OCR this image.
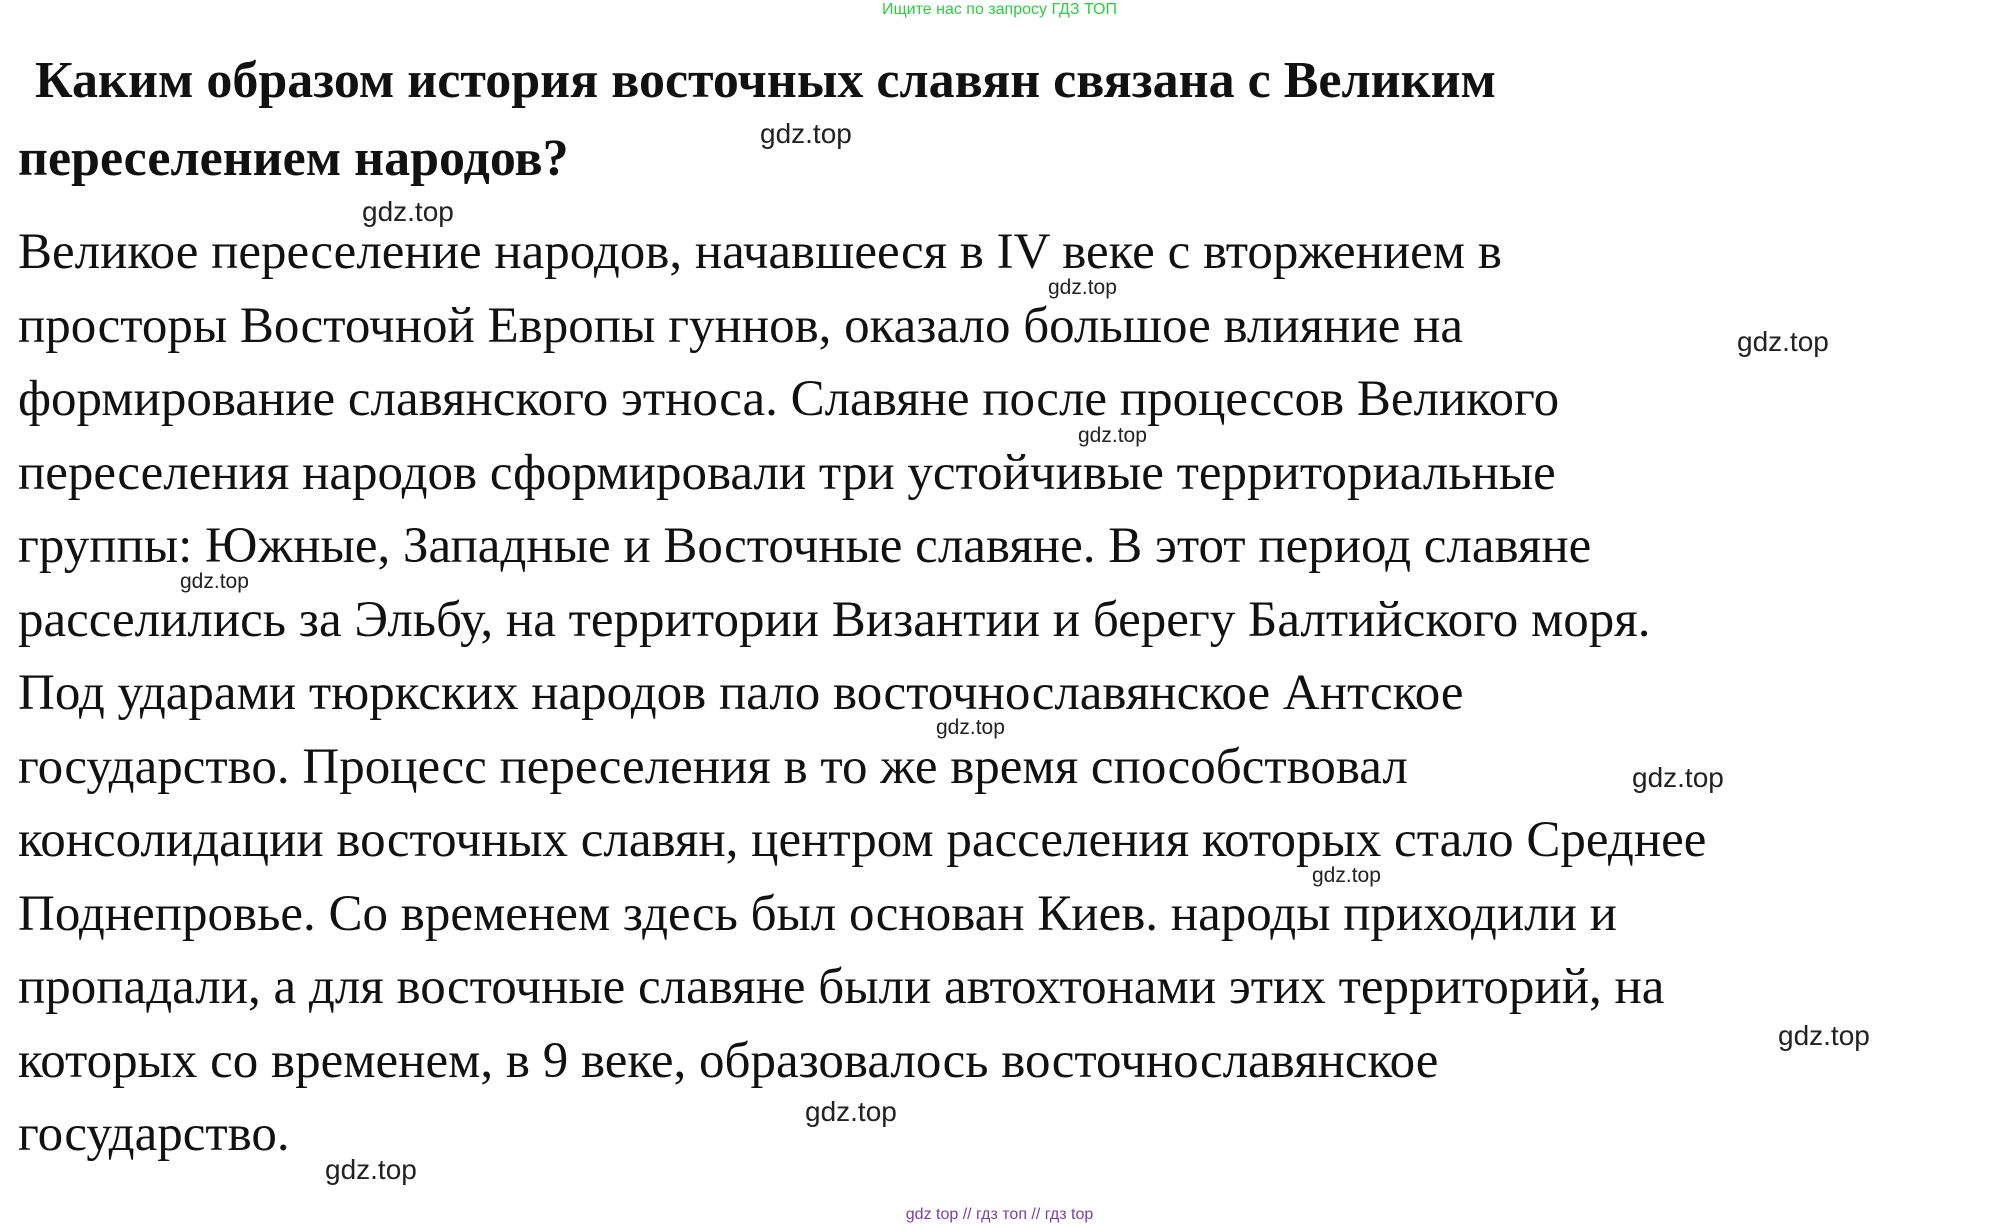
Ищите нас по запросу ГДЗ ТОП
Каким образом история восточных славян связана с Великим
переселением народов?
Великое переселение народов, начавшееся в IV веке с вторжением в
просторы Восточной Европы гуннов, оказало большое влияние на
формирование славянского этноса. Славяне после процессов Великого
переселения народов сформировали три устойчивые территориальные
группы: Южные, Западные и Восточные славяне. В этот период славяне
расселились за Эльбу, на территории Византии и берегу Балтийского моря.
Под ударами тюркских народов пало восточнославянское Антское
государство. Процесс переселения в то же время способствовал
консолидации восточных славян, центром расселения которых стало Среднее
Поднепровье. Со временем здесь был основан Киев. народы приходили и
пропадали, а для восточные славяне были автохтонами этих территорий, на
которых со временем, в 9 веке, образовалось восточнославянское
государство.
gdz.top
gdz.top
gdz.top
gdz.top
gdz.top
gdz.top
gdz.top
gdz.top
gdz.top
gdz.top
gdz.top
gdz.top
gdz top // гдз топ // гдз top
